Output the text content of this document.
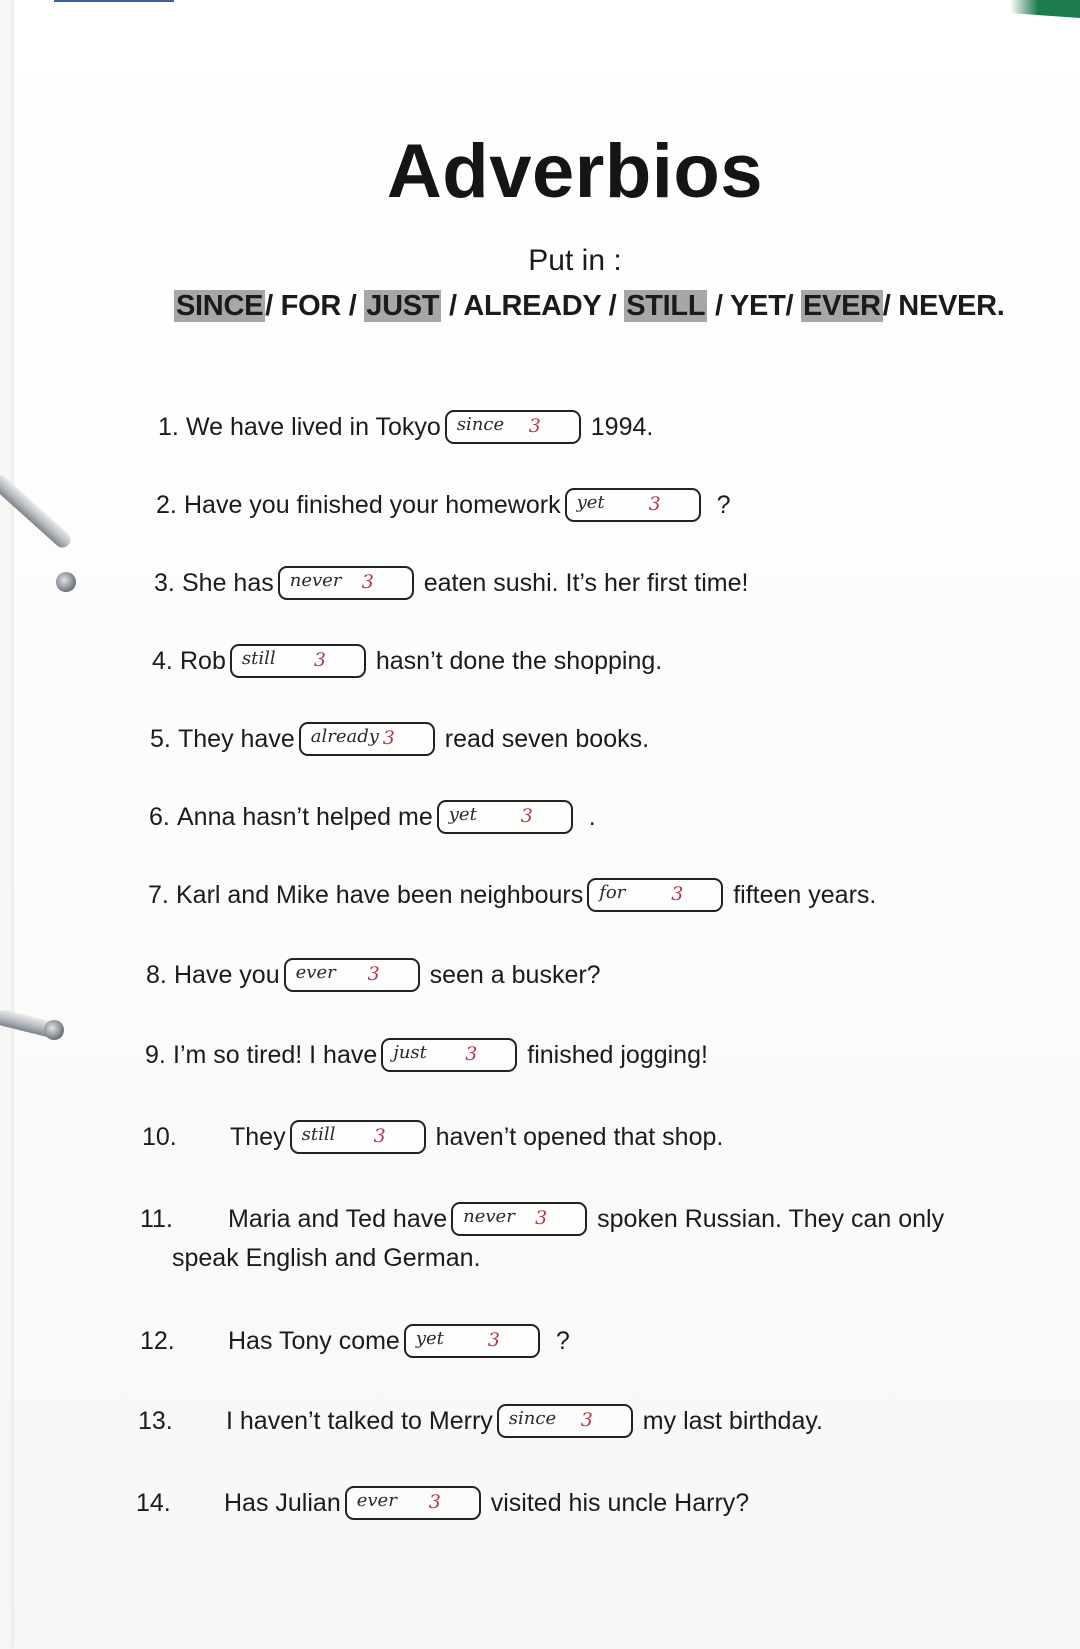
Adverbios
Put in :
SINCE/ FOR / JUST / ALREADY / STILL / YET/ EVER/ NEVER.
1. We have lived in Tokyo since 3 1994.
2. Have you finished your homework yet 3 ?
3. She has never 3 eaten sushi. It’s her first time!
4. Rob still 3 hasn’t done the shopping.
5. They have already 3 read seven books.
6. Anna hasn’t helped me yet 3 .
7. Karl and Mike have been neighbours for 3 fifteen years.
8. Have you ever 3 seen a busker?
9. I’m so tired! I have just 3 finished jogging!
10.	They still 3 haven’t opened that shop.
11.	Maria and Ted have never 3 spoken Russian. They can only
speak English and German.
12.	Has Tony come yet 3 ?
13.	I haven’t talked to Merry since 3 my last birthday.
14.	Has Julian ever 3 visited his uncle Harry?
